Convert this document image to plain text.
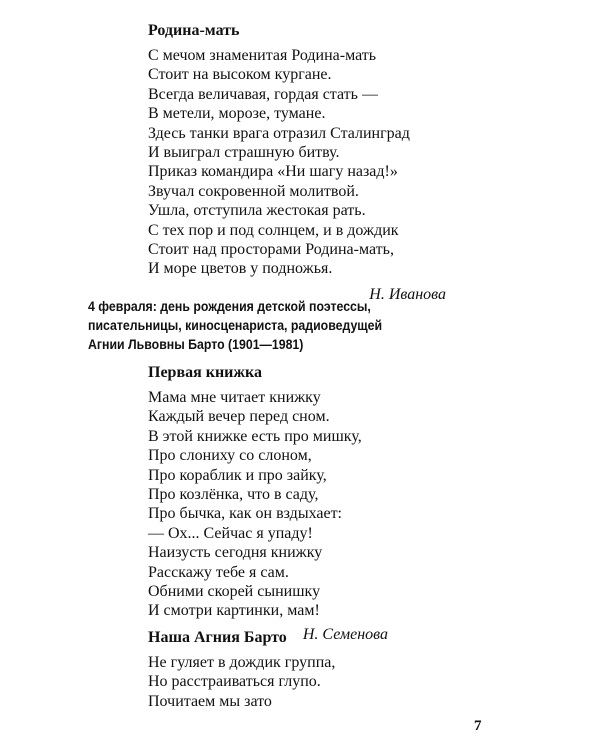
Родина-мать
С мечом знаменитая Родина-мать
Стоит на высоком кургане.
Всегда величавая, гордая стать —
В метели, морозе, тумане.
Здесь танки врага отразил Сталинград
И выиграл страшную битву.
Приказ командира «Ни шагу назад!»
Звучал сокровенной молитвой.
Ушла, отступила жестокая рать.
С тех пор и под солнцем, и в дождик
Стоит над просторами Родина-мать,
И море цветов у подножья.
Н. Иванова
4 февраля: день рождения детской поэтессы,
писательницы, киносценариста, радиоведущей
Агнии Львовны Барто (1901—1981)
Первая книжка
Мама мне читает книжку
Каждый вечер перед сном.
В этой книжке есть про мишку,
Про слониху со слоном,
Про кораблик и про зайку,
Про козлёнка, что в саду,
Про бычка, как он вздыхает:
— Ох... Сейчас я упаду!
Наизусть сегодня книжку
Расскажу тебе я сам.
Обними скорей сынишку
И смотри картинки, мам!
Н. Семенова
Наша Агния Барто
Не гуляет в дождик группа,
Но расстраиваться глупо.
Почитаем мы зато
7
